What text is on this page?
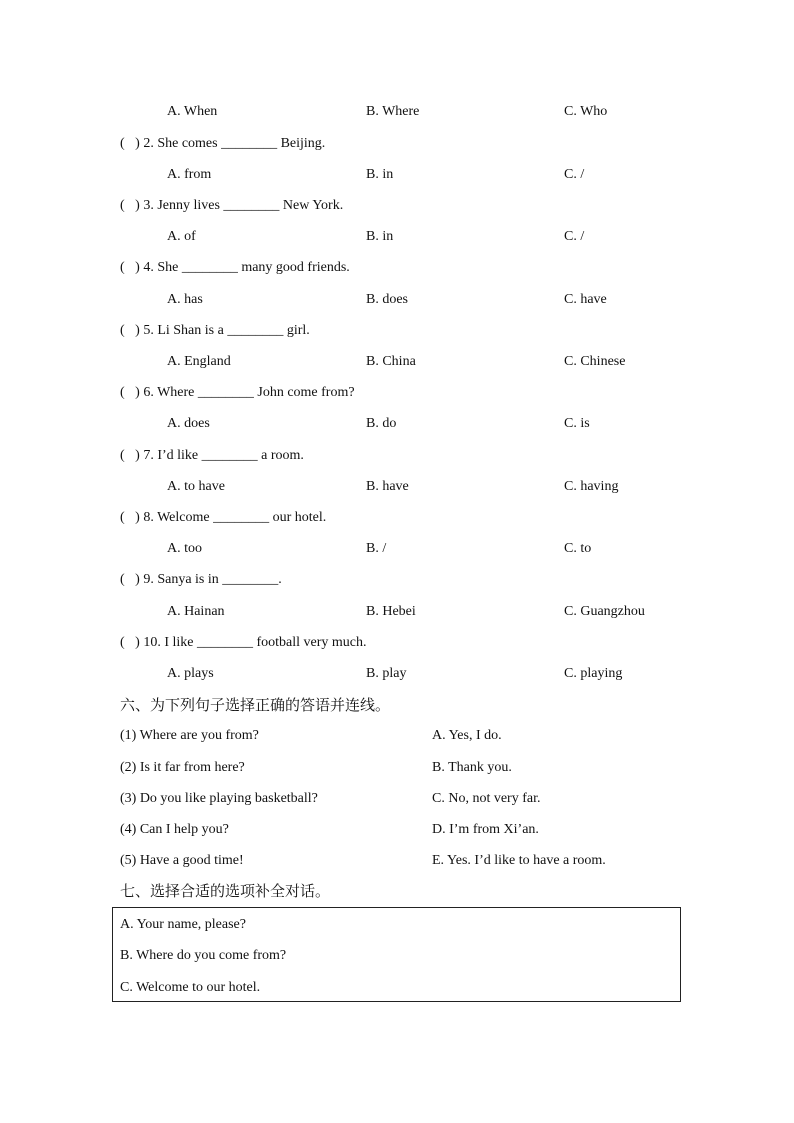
A. When	B. Where	C. Who
(   ) 2. She comes ________ Beijing.
A. from	B. in	C. /
(   ) 3. Jenny lives ________ New York.
A. of	B. in	C. /
(   ) 4. She ________ many good friends.
A. has	B. does	C. have
(   ) 5. Li Shan is a ________ girl.
A. England	B. China	C. Chinese
(   ) 6. Where ________ John come from?
A. does	B. do	C. is
(   ) 7. I’d like ________ a room.
A. to have	B. have	C. having
(   ) 8. Welcome ________ our hotel.
A. too	B. /	C. to
(   ) 9. Sanya is in ________.
A. Hainan	B. Hebei	C. Guangzhou
(   ) 10. I like ________ football very much.
A. plays	B. play	C. playing
六、为下列句子选择正确的答语并连线。
(1) Where are you from?	A. Yes, I do.
(2) Is it far from here?	B. Thank you.
(3) Do you like playing basketball?	C. No, not very far.
(4) Can I help you?	D. I’m from Xi’an.
(5) Have a good time!	E. Yes. I’d like to have a room.
七、选择合适的选项补全对话。
A. Your name, please?
B. Where do you come from?
C. Welcome to our hotel.
